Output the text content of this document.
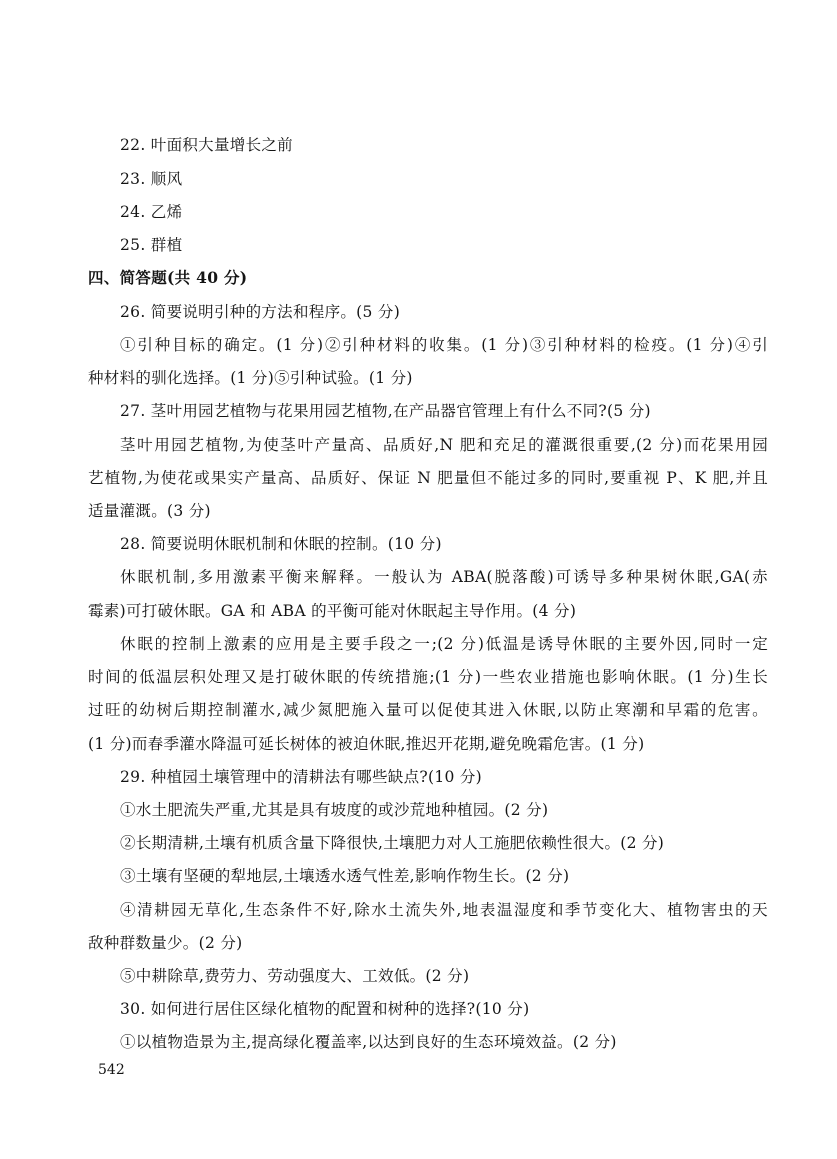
22. 叶面积大量增长之前
23. 顺风
24. 乙烯
25. 群植
四、简答题(共 40 分)
26. 简要说明引种的方法和程序。(5 分)
①引种目标的确定。(1 分)②引种材料的收集。(1 分)③引种材料的检疫。(1 分)④引
种材料的驯化选择。(1 分)⑤引种试验。(1 分)
27. 茎叶用园艺植物与花果用园艺植物,在产品器官管理上有什么不同?(5 分)
茎叶用园艺植物,为使茎叶产量高、品质好,N 肥和充足的灌溉很重要,(2 分)而花果用园
艺植物,为使花或果实产量高、品质好、保证 N 肥量但不能过多的同时,要重视 P、K 肥,并且
适量灌溉。(3 分)
28. 简要说明休眠机制和休眠的控制。(10 分)
休眠机制,多用激素平衡来解释。一般认为 ABA(脱落酸)可诱导多种果树休眠,GA(赤
霉素)可打破休眠。GA 和 ABA 的平衡可能对休眠起主导作用。(4 分)
休眠的控制上激素的应用是主要手段之一;(2 分)低温是诱导休眠的主要外因,同时一定
时间的低温层积处理又是打破休眠的传统措施;(1 分)一些农业措施也影响休眠。(1 分)生长
过旺的幼树后期控制灌水,减少氮肥施入量可以促使其进入休眠,以防止寒潮和早霜的危害。
(1 分)而春季灌水降温可延长树体的被迫休眠,推迟开花期,避免晚霜危害。(1 分)
29. 种植园土壤管理中的清耕法有哪些缺点?(10 分)
①水土肥流失严重,尤其是具有坡度的或沙荒地种植园。(2 分)
②长期清耕,土壤有机质含量下降很快,土壤肥力对人工施肥依赖性很大。(2 分)
③土壤有坚硬的犁地层,土壤透水透气性差,影响作物生长。(2 分)
④清耕园无草化,生态条件不好,除水土流失外,地表温湿度和季节变化大、植物害虫的天
敌种群数量少。(2 分)
⑤中耕除草,费劳力、劳动强度大、工效低。(2 分)
30. 如何进行居住区绿化植物的配置和树种的选择?(10 分)
①以植物造景为主,提高绿化覆盖率,以达到良好的生态环境效益。(2 分)
542
